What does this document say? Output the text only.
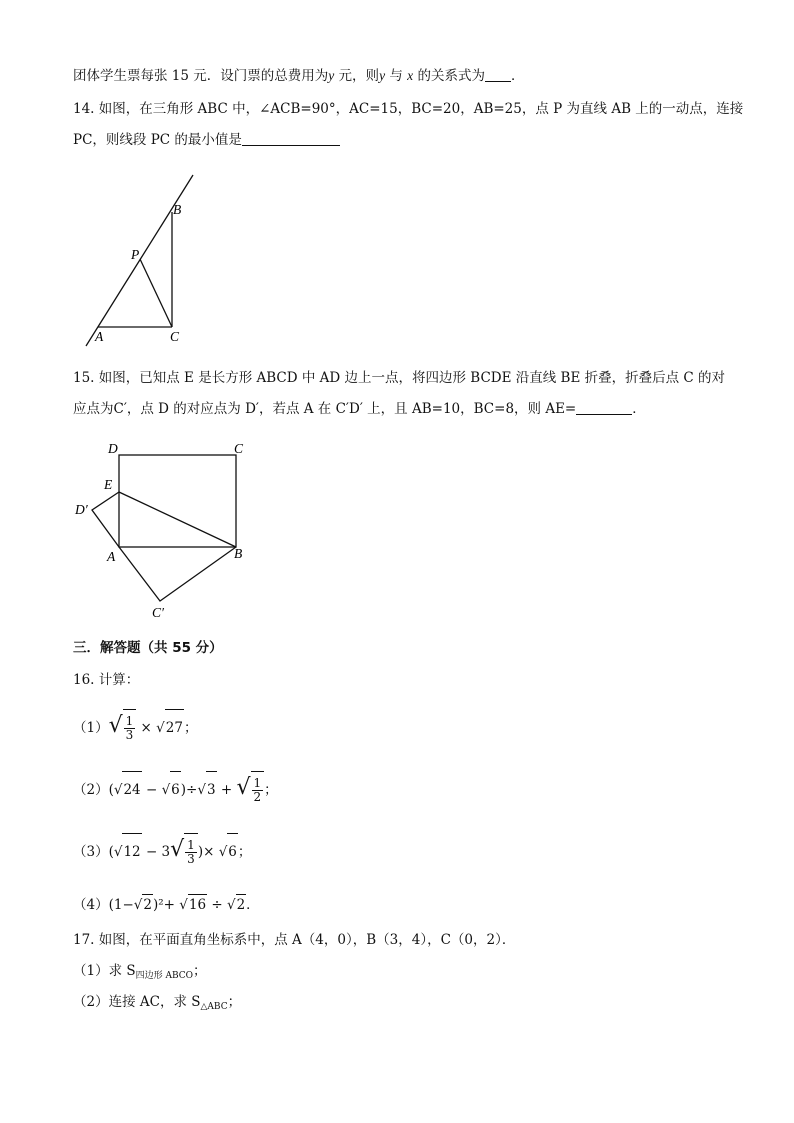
团体学生票每张 15 元．设门票的总费用为y 元，则y 与 x 的关系式为 ．
14. 如图，在三角形 ABC 中，∠ACB=90°，AC=15，BC=20，AB=25，点 P 为直线 AB 上的一动点，连接
PC，则线段 PC 的最小值是
A
B
C
P
15. 如图，已知点 E 是长方形 ABCD 中 AD 边上一点，将四边形 BCDE 沿直线 BE 折叠，折叠后点 C 的对
应点为C′，点 D 的对应点为 D′，若点 A 在 C′D′ 上，且 AB=10，BC=8，则 AE=	．
D	C
E
D′
A	B
C′
三．解答题（共 55 分）
16. 计算：
$(1)√ \frac{1}{3} \times √27$；
（2）(√24 − √6)÷√3 + √ $\frac{1}{2}$ ；
$(3)(√12 - 3√ \frac{1}{3}$ )× √6；
（4）(1−√2)²+ √16 ÷ √2．
17. 如图，在平面直角坐标系中，点 A（4，0），B（3，4），C（0，2）．
（1）求 $S_{四边形 ABCO}$；
（2）连接 AC，求 $S_{\triangle ABC}$；
